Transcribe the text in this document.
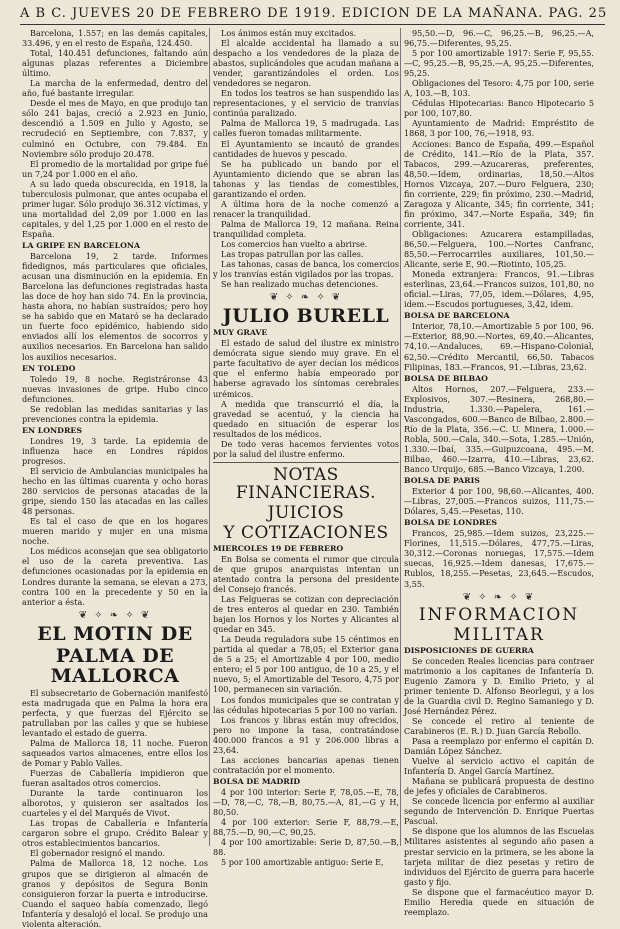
A B C. JUEVES 20 DE FEBRERO DE 1919. EDICION DE LA MAÑANA. PAG. 25

Barcelona, 1.557; en las demás capitales, 33.496, y en el resto de España, 124.450.

Total, 140.451 defunciones, faltando aún algunas plazas referentes a Diciembre último.

La marcha de la enfermedad, dentro del año, fué bastante irregular.

Desde el mes de Mayo, en que produjo tan sólo 241 bajas, creció a 2.923 en Junio, descendió a 1.509 en Julio y Agosto, se recrudeció en Septiembre, con 7.837, y culminó en Octubre, con 79.484. En Noviembre sólo produjo 20.478.

El promedio de la mortalidad por gripe fué un 7,24 por 1.000 en el año.

A su lado queda obscurecida, en 1918, la tuberculosis pulmonar, que antes ocupaba el primer lugar. Sólo produjo 36.312 víctimas, y una mortalidad del 2,09 por 1.000 en las capitales, y del 1,25 por 1.000 en el resto de España.

LA GRIPE EN BARCELONA

Barcelona 19, 2 tarde. Informes fidedignos, más particulares que oficiales, acusan una disminución en la epidemia. En Barcelona las defunciones registradas hasta las doce de hoy han sido 74. En la provincia, hasta ahora, no habían sustraídos; pero hoy se ha sabido que en Mataró se ha declarado un fuerte foco epidémico, habiendo sido enviados allí los elementos de socorros y auxilios necesarios. En Barcelona han salido los auxilios necesarios.

EN TOLEDO

Toledo 19, 8 noche. Registráronse 43 nuevas invasiones de gripe. Hubo cinco defunciones.

Se redoblan las medidas sanitarias y las prevenciones contra la epidemia.

EN LONDRES

Londres 19, 3 tarde. La epidemia de influenza hace en Londres rápidos progresos.

El servicio de Ambulancias municipales ha hecho en las últimas cuarenta y ocho horas 280 servicios de personas atacadas de la gripe, siendo 150 las atacadas en las calles 48 personas.

Es tal el caso de que en los hogares mueren marido y mujer en una misma noche.

Los médicos aconsejan que sea obligatorio el uso de la careta preventiva. Las defunciones ocasionadas por la epidemia en Londres durante la semana, se elevan a 273, contra 100 en la precedente y 50 en la anterior a ésta.

❦ ✧ ❧ ✧ ❦
EL MOTIN DE
PALMA DE MALLORCA

El subsecretario de Gobernación manifestó esta madrugada que en Palma la hora era perfecta, y que fuerzas del Ejército se patrullaban por las calles y que se hubiese levantado el estado de guerra.

Palma de Mallorca 18, 11 noche. Fueron saqueados varios almacenes, entre ellos los de Pomar y Pablo Valles.

Fuerzas de Caballería impidieron que fueran asaltados otros comercios.

Durante la tarde continuaron los alborotos, y quisieron ser asaltados los cuarteles y el del Marqués de Vivot.

Las tropas de Caballería e Infantería cargaron sobre el grupo. Crédito Balear y otros establecimientos bancarios.

El gobernador resignó el mando.

Palma de Mallorca 18, 12 noche. Los grupos que se dirigieron al almacén de granos y depósitos de Segura Bonin consiguieron forzar la puerta e introducirse. Cuando el saqueo había comenzado, llegó Infantería y desalojó el local. Se produjo una violenta alteración.

Los ánimos están muy excitados.

El alcalde accidental ha llamado a su despacho a los vendedores de la plaza de abastos, suplicándoles que acudan mañana a vender, garantizándoles el orden. Los vendedores se negaron.

En todos los teatros se han suspendido las representaciones, y el servicio de tranvías continúa paralizado.

Palma de Mallorca 19, 5 madrugada. Las calles fueron tomadas militarmente.

El Ayuntamiento se incautó de grandes cantidades de huevos y pescado.

Se ha publicado un bando por el Ayuntamiento diciendo que se abran las tahonas y las tiendas de comestibles, garantizando el orden.

A última hora de la noche comenzó a renacer la tranquilidad.

Palma de Mallorca 19, 12 mañana. Reina tranquilidad completa.

Los comercios han vuelto a abrirse.

Las tropas patrullan por las calles.

Las tahonas, casas de banca, los comercios y los tranvías están vigilados por las tropas.

Se han realizado muchas detenciones.

❦ ✧ ❧ ✧ ❦
JULIO BURELL
MUY GRAVE

El estado de salud del ilustre ex ministro demócrata sigue siendo muy grave. En el parte facultativo de ayer decían los médicos que el enfermo había empeorado por haberse agravado los síntomas cerebrales urémicos.

A medida que transcurrió el día, la gravedad se acentuó, y la ciencia ha quedado en situación de esperar los resultados de los médicos.

De todo veras hacemos fervientes votos por la salud del ilustre enfermo.

NOTAS FINANCIERAS.
JUICIOS
Y COTIZACIONES
MIERCOLES 19 DE FEBRERO

En Bolsa se comenta el rumor que circula de que grupos anarquistas intentan un atentado contra la persona del presidente del Consejo francés.

Las Felgueras se cotizan con depreciación de tres enteros al quedar en 230. También bajan los Hornos y los Nortes y Alicantes al quedar en 345.

La Deuda reguladora sube 15 céntimos en partida al quedar a 78,05; el Exterior gana de 5 a 25; el Amortizable 4 por 100, medio entero; el 5 por 100 antiguo, de 10 a 25, y el nuevo, 5; el Amortizable del Tesoro, 4,75 por 100, permanecen sin variación.

Los fondos municipales que se contratan y las cédulas hipotecarias 5 por 100 no varían.

Los francos y libras están muy ofrecidos, pero no impone la tasa, contratándose 400.000 francos a 91 y 206.000 libras a 23,64.

Las acciones bancarias apenas tienen contratación por el momento.

BOLSA DE MADRID

4 por 100 interior: Serie F, 78,05.—E, 78,—D, 78,—C, 78,—B, 80,75.—A, 81,—G y H, 80,50.

4 por 100 exterior: Serie F, 88,79.—E, 88,75.—D, 90,—C, 90,25.

4 por 100 amortizable: Serie D, 87,50.—B, 88.

5 por 100 amortizable antiguo: Serie E,

95,50.—D, 96.—C, 96,25.—B, 96,25.—A, 96,75.—Diferentes, 95,25.

5 por 100 amortizable 1917: Serie F, 95,55.—C, 95,25.—B, 95,25.—A, 95,25.—Diferentes, 95,25.

Obligaciones del Tesoro: 4,75 por 100, serie A, 103.—B, 103.

Cédulas Hipotecarias: Banco Hipotecario 5 por 100, 107,80.

Ayuntamiento de Madrid: Empréstito de 1868, 3 por 100, 76,—1918, 93.

Acciones: Banco de España, 499.—Español de Crédito, 141.—Río de la Plata, 357. Tabacos, 299.—Azucareras, preferentes, 48,50.—Idem, ordinarias, 18,50.—Altos Hornos Vizcaya, 207.—Duro Felguera, 230; fin corriente, 229; fin próximo, 230.—Madrid, Zaragoza y Alicante, 345; fin corriente, 341; fin próximo, 347.—Norte España, 349; fin corriente, 341.

Obligaciones: Azucarera estampilladas, 86,50.—Felguera, 100.—Nortes Canfranc, 85,50.—Ferrocarriles auxiliares, 101,50.—Alicante, serie E, 90.—Riotinto, 105,25.

Moneda extranjera: Francos, 91.—Libras esterlinas, 23,64.—Francos suizos, 101,80, no oficial.—Liras, 77,05, idem.—Dólares, 4,95, idem.—Escudos portugueses, 3,42, idem.

BOLSA DE BARCELONA

Interior, 78,10.—Amortizable 5 por 100, 96.—Exterior, 88,90.—Nortes, 69,40.—Alicantes, 74,10.—Andaluces, 69.—Hispano-Colonial, 62,50.—Crédito Mercantil, 66,50. Tabacos Filipinas, 183.—Francos, 91.—Libras, 23,62.

BOLSA DE BILBAO

Altos Hornos, 207.—Felguera, 233.—Explosivos, 307.—Resinera, 268,80.—Industria, 1.330.—Papelera, 161.—Vascongados, 600.—Banco de Bilbao, 2.800.—Río de la Plata, 356.—C. U. Minera, 1.000.—Robla, 500.—Cala, 340.—Sota, 1.285.—Unión, 1.330.—Ibaí, 335.—Guipuzcoana, 495.—M. Bilbao, 460.—Izarra, 410.—Libras, 23,62. Banco Urquijo, 685.—Banco Vizcaya, 1.200.

BOLSA DE PARIS

Exterior 4 por 100, 98,60.—Alicantes, 400.—Libras, 27,005.—Francos suizos, 111,75.—Dólares, 5,45.—Pesetas, 110.

BOLSA DE LONDRES

Francos, 25,985.—Idem suizos, 23,225.—Florines, 11,515.—Dólares, 477,75.—Liras, 30,312.—Coronas noruegas, 17,575.—Idem suecas, 16,925.—Idem danesas, 17,675.—Rublos, 18,255.—Pesetas, 23,645.—Escudos, 3,55.

❦ ✧ ❧ ✧ ❦
INFORMACION
MILITAR
DISPOSICIONES DE GUERRA

Se conceden Reales licencias para contraer matrimonio a los capitanes de Infantería D. Eugenio Zamora y D. Emilio Prieto, y al primer teniente D. Alfonso Beorlegui, y a los de la Guardia civil D. Regino Samaniego y D. José Hernández Pérez.

Se concede el retiro al teniente de Carabineros (E. R.) D. Juan García Rebollo.

Pasa a reemplazo por enfermo el capitán D. Damián López Sánchez.

Vuelve al servicio activo el capitán de Infantería D. Angel García Martínez.

Mañana se publicará propuesta de destino de jefes y oficiales de Carabineros.

Se concede licencia por enfermo al auxiliar segundo de Intervención D. Enrique Puertas Pascual.

Se dispone que los alumnos de las Escuelas Militares asistentes al segundo año pasen a prestar servicio en la primera, se les abone la tarjeta militar de diez pesetas y retiro de individuos del Ejército de guerra para hacerle gasto y fijo.

Se dispone que el farmacéutico mayor D. Emilio Heredia quede en situación de reemplazo.
